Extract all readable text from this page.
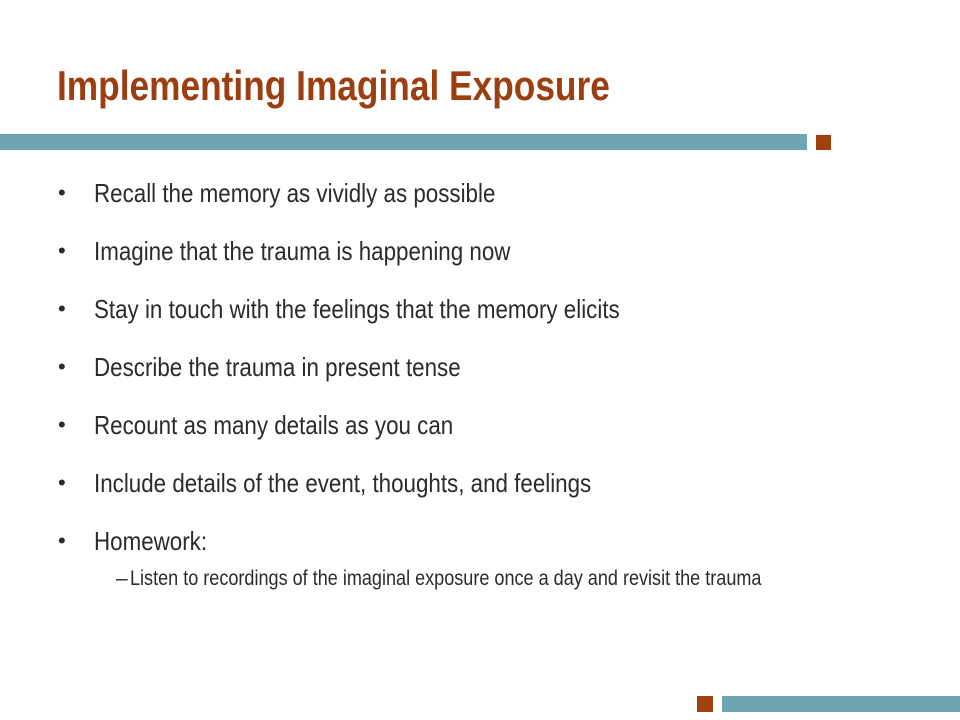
Implementing Imaginal Exposure
• Recall the memory as vividly as possible
• Imagine that the trauma is happening now
• Stay in touch with the feelings that the memory elicits
• Describe the trauma in present tense
• Recount as many details as you can
• Include details of the event, thoughts, and feelings
• Homework:
– Listen to recordings of the imaginal exposure once a day and revisit the trauma
